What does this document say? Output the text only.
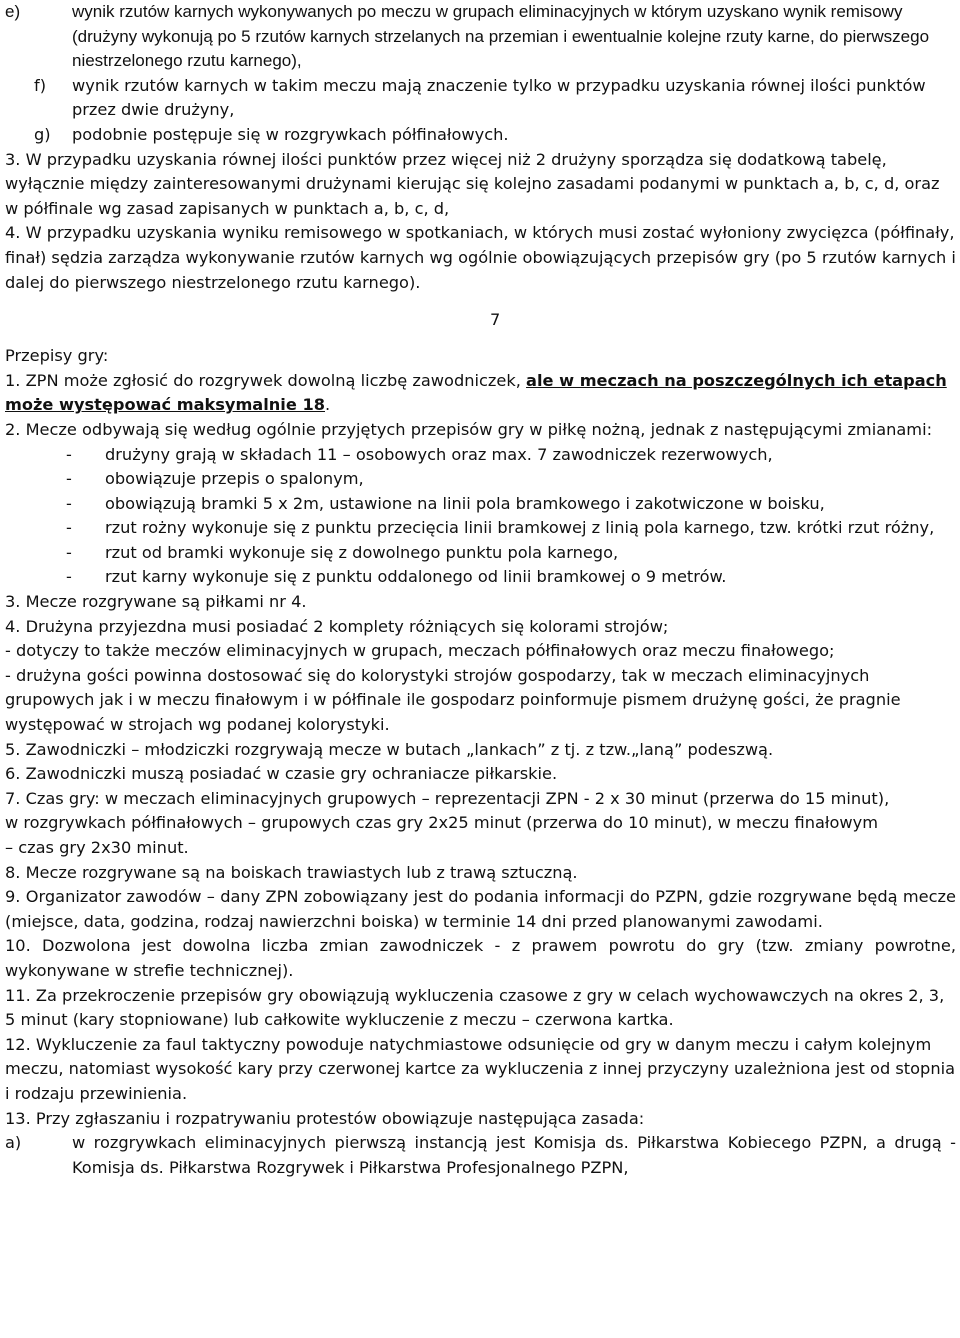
e)	wynik rzutów karnych wykonywanych po meczu w grupach eliminacyjnych w którym uzyskano wynik remisowy (drużyny wykonują po 5 rzutów karnych strzelanych na przemian i ewentualnie kolejne rzuty karne, do pierwszego niestrzelonego rzutu karnego),
f)	wynik rzutów karnych w takim meczu mają znaczenie tylko w przypadku uzyskania równej ilości punktów przez dwie drużyny,
g)	podobnie postępuje się w rozgrywkach półfinałowych.

3. W przypadku uzyskania równej ilości punktów przez więcej niż 2 drużyny sporządza się dodatkową tabelę, wyłącznie między zainteresowanymi drużynami kierując się kolejno zasadami podanymi w punktach a, b, c, d, oraz w półfinale wg zasad zapisanych w punktach a, b, c, d,

4. W przypadku uzyskania wyniku remisowego w spotkaniach, w których musi zostać wyłoniony zwycięzca (półfinały, finał) sędzia zarządza wykonywanie rzutów karnych wg ogólnie obowiązujących przepisów gry (po 5 rzutów karnych i dalej do pierwszego niestrzelonego rzutu karnego).

7

Przepisy gry:

1. ZPN może zgłosić do rozgrywek dowolną liczbę zawodniczek, ale w meczach na poszczególnych ich etapach może występować maksymalnie 18.

2. Mecze odbywają się według ogólnie przyjętych przepisów gry w piłkę nożną, jednak z następującymi zmianami:

-	drużyny grają w składach 11 – osobowych oraz max. 7 zawodniczek rezerwowych,
-	obowiązuje przepis o spalonym,
-	obowiązują bramki 5 x 2m, ustawione na linii pola bramkowego i zakotwiczone w boisku,
-	rzut rożny wykonuje się z punktu przecięcia linii bramkowej z linią pola karnego, tzw. krótki rzut różny,
-	rzut od bramki wykonuje się z dowolnego punktu pola karnego,
-	rzut karny wykonuje się z punktu oddalonego od linii bramkowej o 9 metrów.

3. Mecze rozgrywane są piłkami nr 4.

4. Drużyna przyjezdna musi posiadać 2 komplety różniących się kolorami strojów;

- dotyczy to także meczów eliminacyjnych w grupach, meczach półfinałowych oraz meczu finałowego;

- drużyna gości powinna dostosować się do kolorystyki strojów gospodarzy, tak w meczach eliminacyjnych grupowych jak i w meczu finałowym i w półfinale ile gospodarz poinformuje pismem drużynę gości, że pragnie występować w strojach wg podanej kolorystyki.

5. Zawodniczki – młodziczki rozgrywają mecze w butach „lankach” z tj. z tzw.„laną” podeszwą.

6. Zawodniczki muszą posiadać w czasie gry ochraniacze piłkarskie.

7. Czas gry: w meczach eliminacyjnych grupowych – reprezentacji ZPN - 2 x 30 minut (przerwa do 15 minut),

w rozgrywkach półfinałowych – grupowych czas gry 2x25 minut (przerwa do 10 minut), w meczu finałowym

– czas gry 2x30 minut.

8. Mecze rozgrywane są na boiskach trawiastych lub z trawą sztuczną.

9. Organizator zawodów – dany ZPN zobowiązany jest do podania informacji do PZPN, gdzie rozgrywane będą mecze (miejsce, data, godzina, rodzaj nawierzchni boiska) w terminie 14 dni przed planowanymi zawodami.

10. Dozwolona jest dowolna liczba zmian zawodniczek - z prawem powrotu do gry (tzw. zmiany powrotne, wykonywane w strefie technicznej).

11. Za przekroczenie przepisów gry obowiązują wykluczenia czasowe z gry w celach wychowawczych na okres 2, 3, 5 minut (kary stopniowane) lub całkowite wykluczenie z meczu – czerwona kartka.

12. Wykluczenie za faul taktyczny powoduje natychmiastowe odsunięcie od gry w danym meczu i całym kolejnym meczu, natomiast wysokość kary przy czerwonej kartce za wykluczenia z innej przyczyny uzależniona jest od stopnia i rodzaju przewinienia.

13. Przy zgłaszaniu i rozpatrywaniu protestów obowiązuje następująca zasada:

a)	w rozgrywkach eliminacyjnych pierwszą instancją jest Komisja ds. Piłkarstwa Kobiecego PZPN, a drugą - Komisja ds. Piłkarstwa Rozgrywek i Piłkarstwa Profesjonalnego PZPN,
